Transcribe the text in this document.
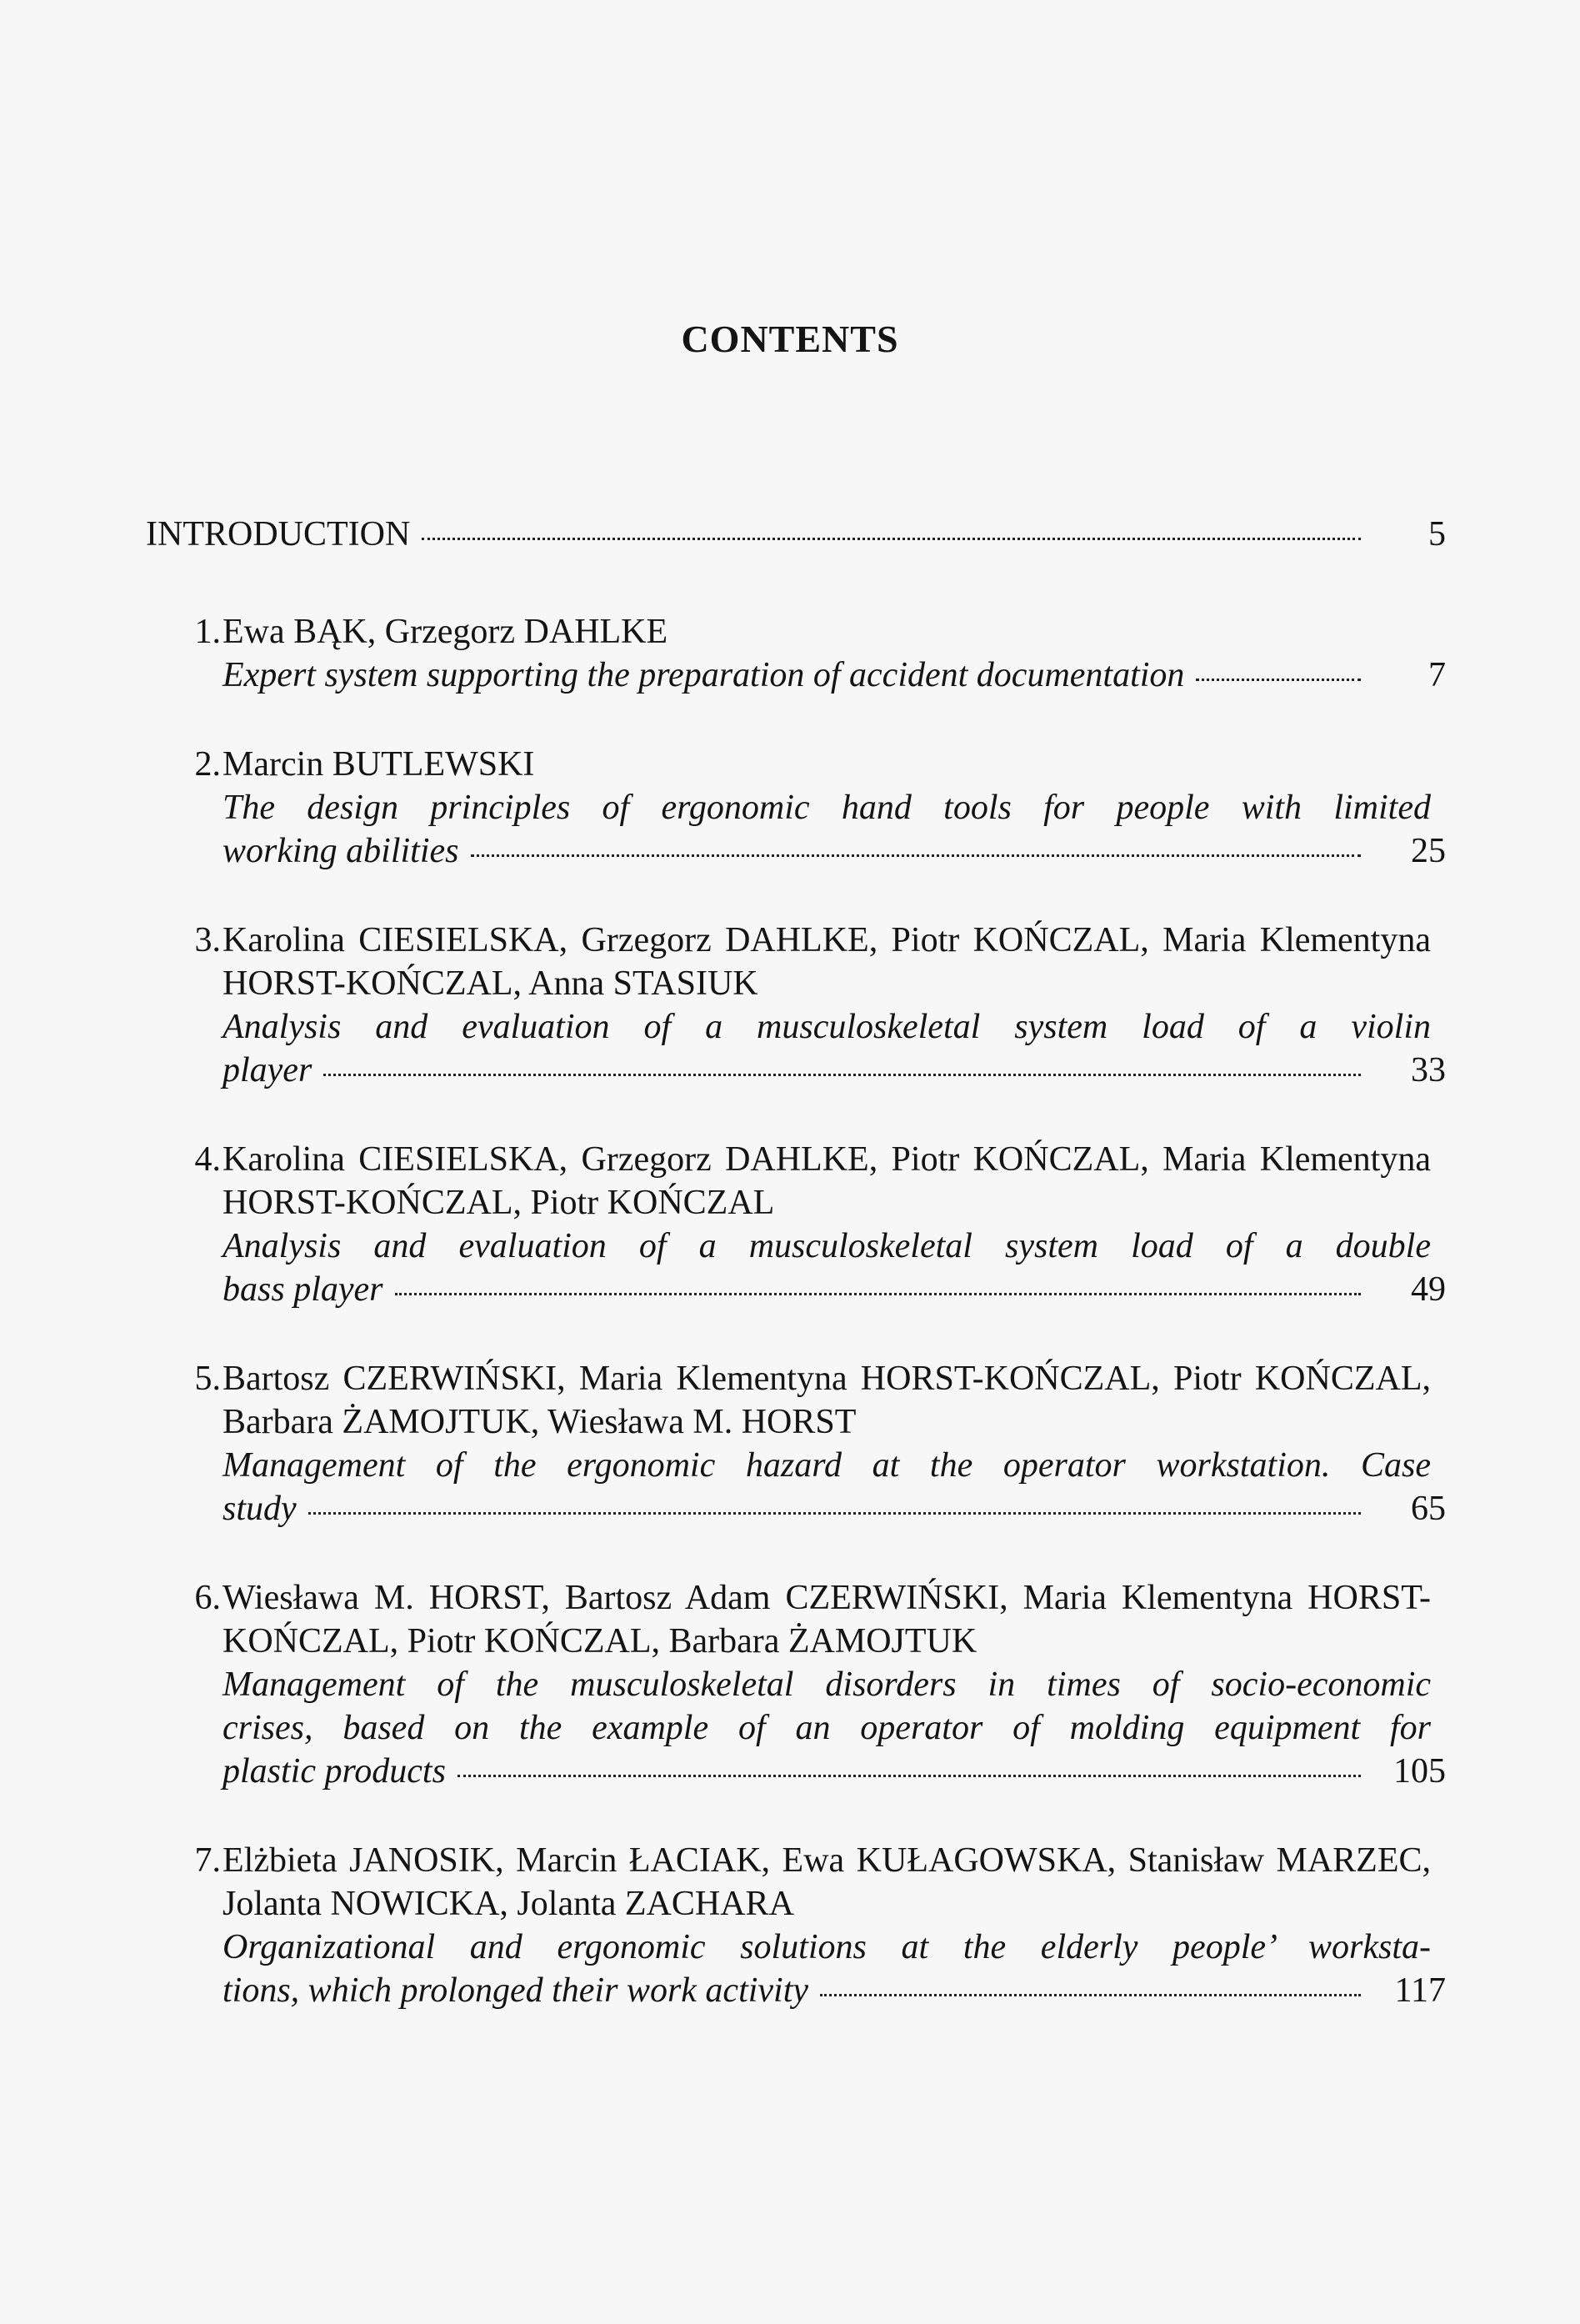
CONTENTS
INTRODUCTION	5
1. Ewa BĄK, Grzegorz DAHLKE
Expert system supporting the preparation of accident documentation	7
2. Marcin BUTLEWSKI
The design principles of ergonomic hand tools for people with limited
working abilities	25
3. Karolina CIESIELSKA, Grzegorz DAHLKE, Piotr KOŃCZAL, Maria Klementyna HORST-KOŃCZAL, Anna STASIUK
Analysis and evaluation of a musculoskeletal system load of a violin
player	33
4. Karolina CIESIELSKA, Grzegorz DAHLKE, Piotr KOŃCZAL, Maria Klementyna HORST-KOŃCZAL, Piotr KOŃCZAL
Analysis and evaluation of a musculoskeletal system load of a double
bass player	49
5. Bartosz CZERWIŃSKI, Maria Klementyna HORST-KOŃCZAL, Piotr KOŃCZAL, Barbara ŻAMOJTUK, Wiesława M. HORST
Management of the ergonomic hazard at the operator workstation. Case
study	65
6. Wiesława M. HORST, Bartosz Adam CZERWIŃSKI, Maria Klementyna HORST-KOŃCZAL, Piotr KOŃCZAL, Barbara ŻAMOJTUK
Management of the musculoskeletal disorders in times of socio-economic
crises, based on the example of an operator of molding equipment for
plastic products	105
7. Elżbieta JANOSIK, Marcin ŁACIAK, Ewa KUŁAGOWSKA, Stanisław MARZEC, Jolanta NOWICKA, Jolanta ZACHARA
Organizational and ergonomic solutions at the elderly people’ worksta-
tions, which prolonged their work activity	117
